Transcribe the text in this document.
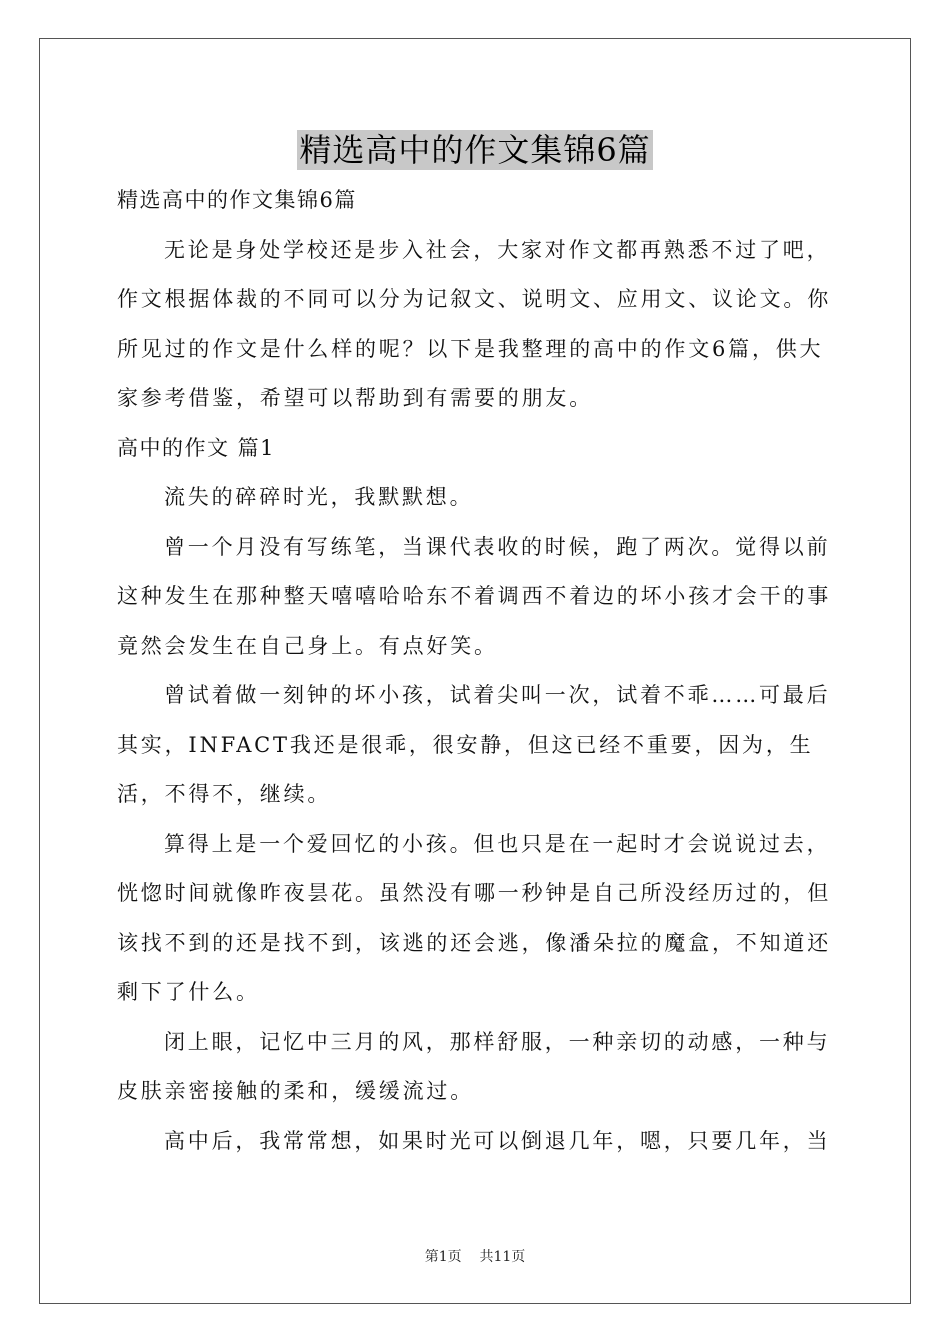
精选高中的作文集锦6篇

精选高中的作文集锦6篇

无论是身处学校还是步入社会，大家对作文都再熟悉不过了吧，作文根据体裁的不同可以分为记叙文、说明文、应用文、议论文。你所见过的作文是什么样的呢？以下是我整理的高中的作文6篇，供大家参考借鉴，希望可以帮助到有需要的朋友。

高中的作文 篇1

流失的碎碎时光，我默默想。

曾一个月没有写练笔，当课代表收的时候，跑了两次。觉得以前这种发生在那种整天嘻嘻哈哈东不着调西不着边的坏小孩才会干的事竟然会发生在自己身上。有点好笑。

曾试着做一刻钟的坏小孩，试着尖叫一次，试着不乖……可最后其实，INFACT我还是很乖，很安静，但这已经不重要，因为，生活，不得不，继续。

算得上是一个爱回忆的小孩。但也只是在一起时才会说说过去，恍惚时间就像昨夜昙花。虽然没有哪一秒钟是自己所没经历过的，但该找不到的还是找不到，该逃的还会逃，像潘朵拉的魔盒，不知道还剩下了什么。

闭上眼，记忆中三月的风，那样舒服，一种亲切的动感，一种与皮肤亲密接触的柔和，缓缓流过。

高中后，我常常想，如果时光可以倒退几年，嗯，只要几年，当

第1页 共11页
